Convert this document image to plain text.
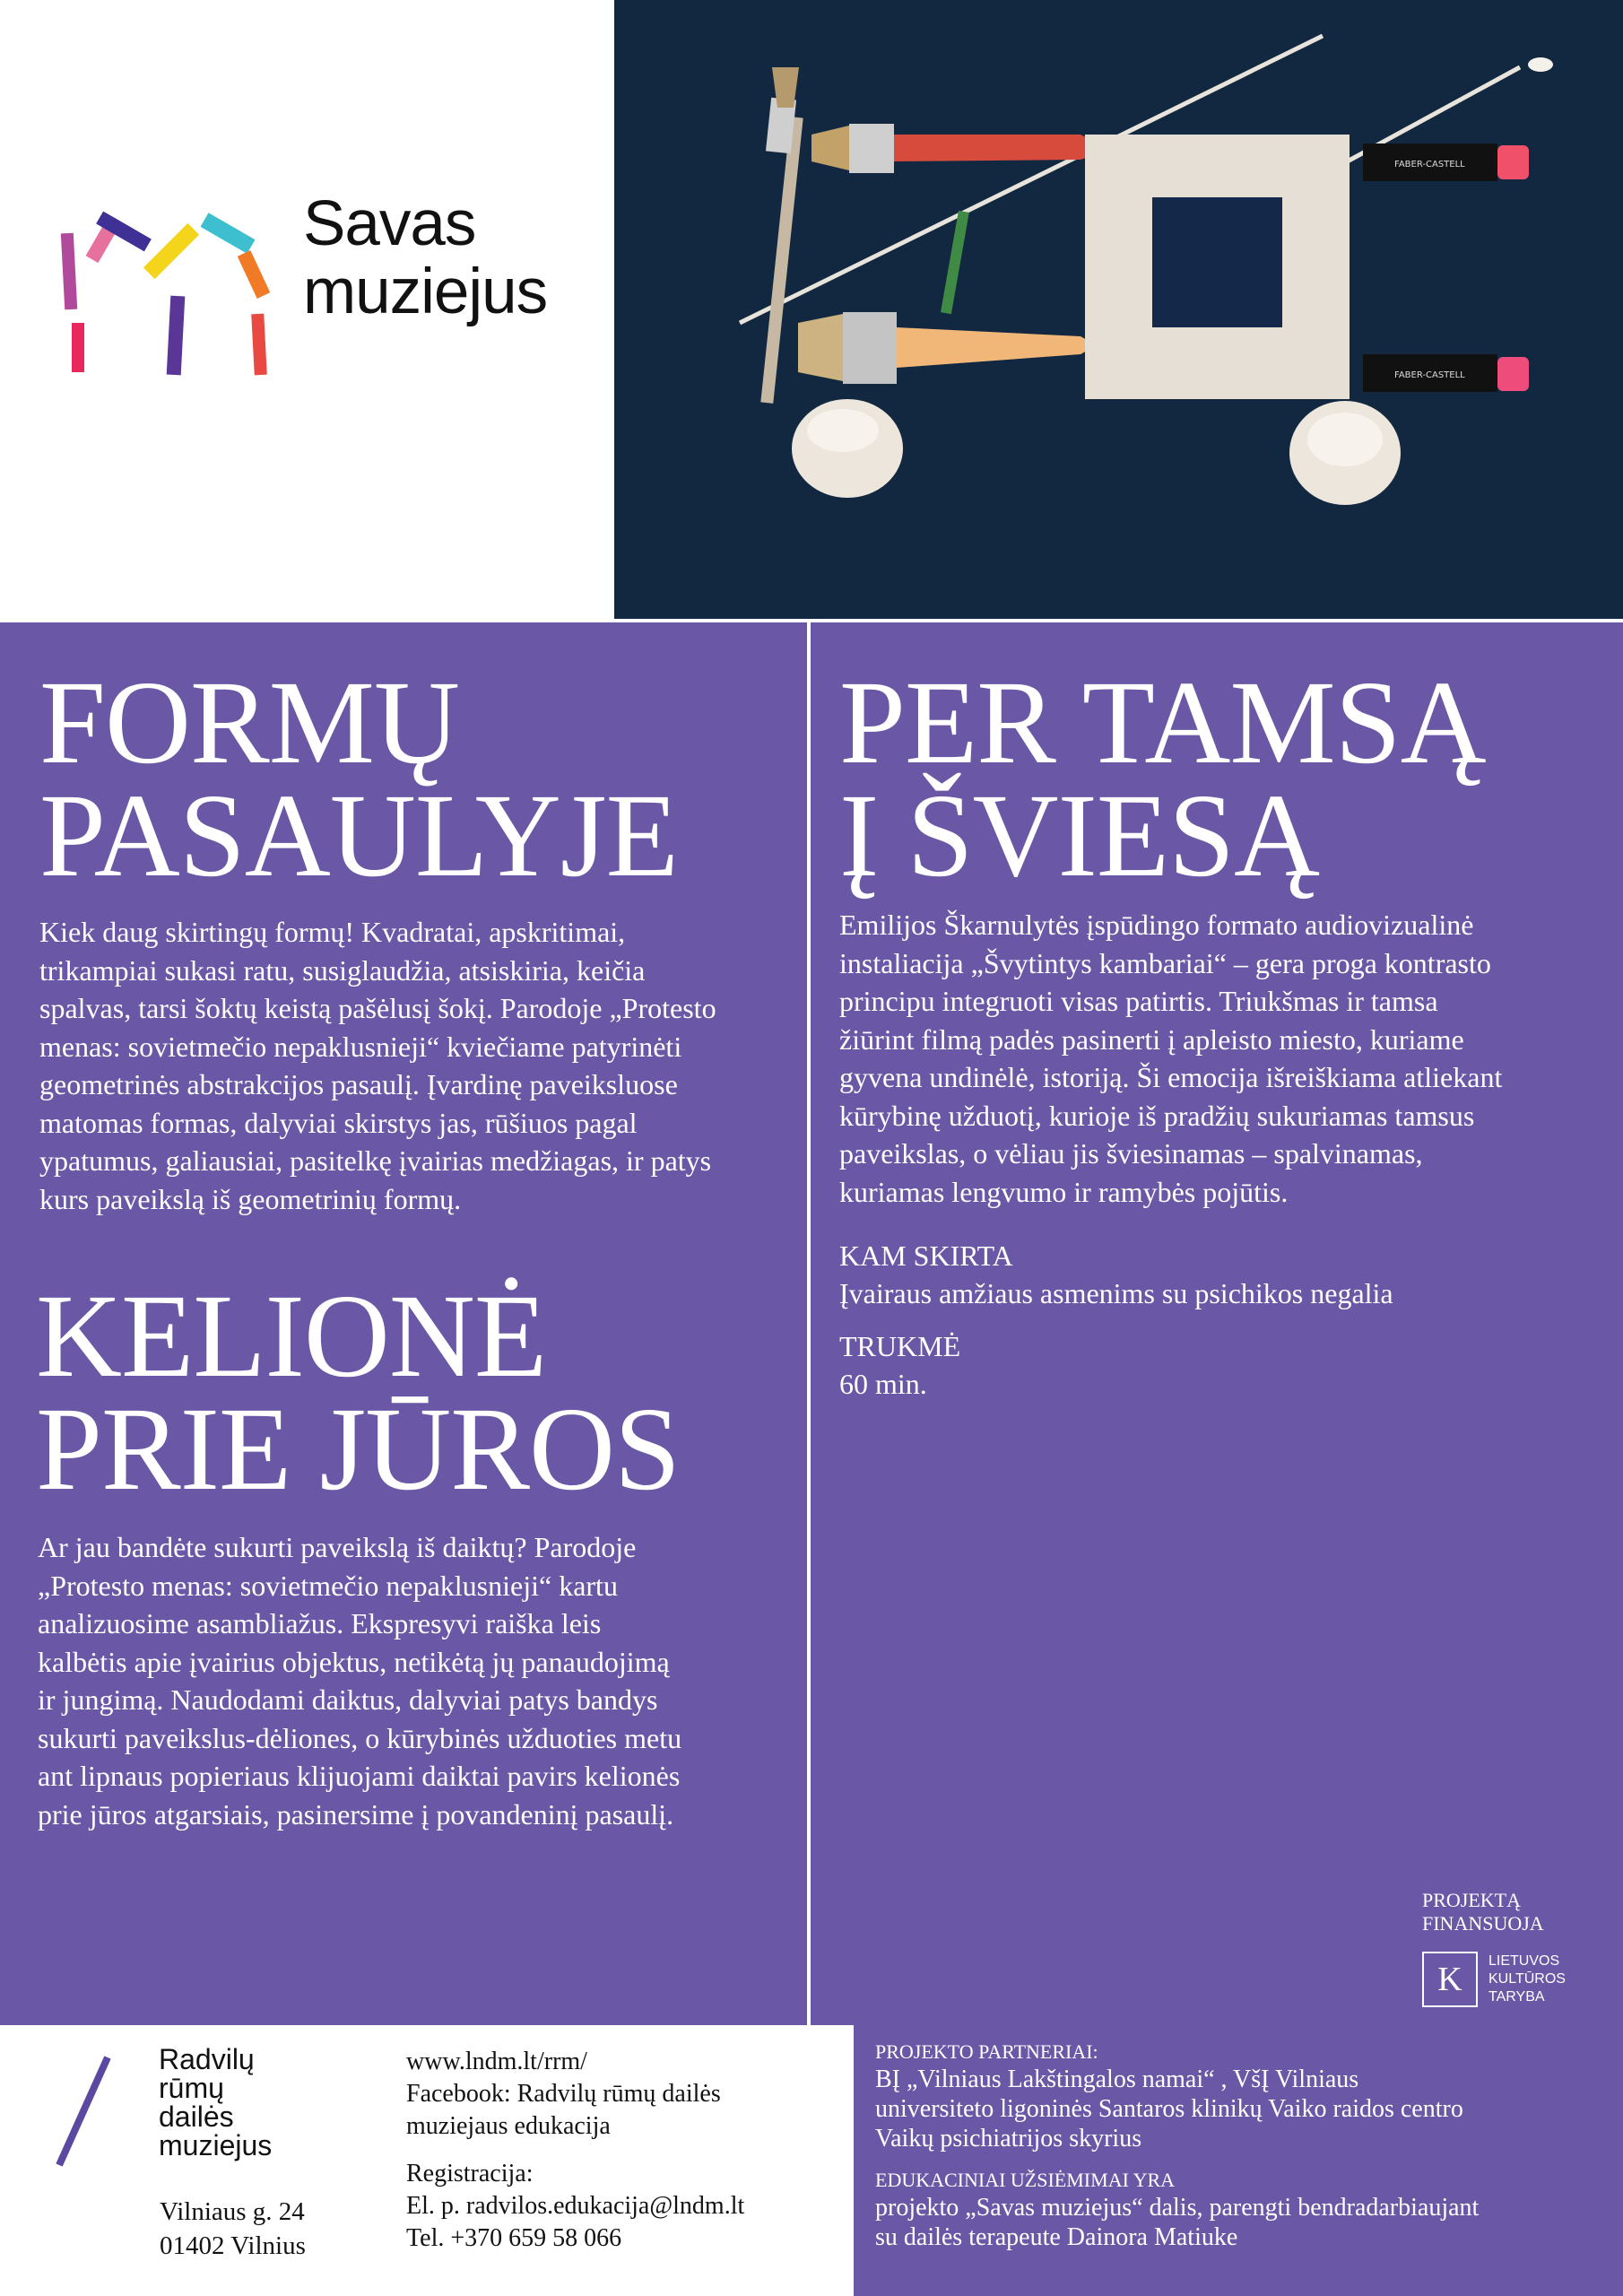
Savas
muziejus
FABER-CASTELL
FABER-CASTELL
FORMŲ
PASAULYJE
Kiek daug skirtingų formų! Kvadratai, apskritimai,
trikampiai sukasi ratu, susiglaudžia, atsiskiria, keičia
spalvas, tarsi šoktų keistą pašėlusį šokį. Parodoje „Protesto
menas: sovietmečio nepaklusnieji“ kviečiame patyrinėti
geometrinės abstrakcijos pasaulį. Įvardinę paveiksluose
matomas formas, dalyviai skirstys jas, rūšiuos pagal
ypatumus, galiausiai, pasitelkę įvairias medžiagas, ir patys
kurs paveikslą iš geometrinių formų.
KELIONĖ
PRIE JŪROS
Ar jau bandėte sukurti paveikslą iš daiktų? Parodoje
„Protesto menas: sovietmečio nepaklusnieji“ kartu
analizuosime asambliažus. Ekspresyvi raiška leis
kalbėtis apie įvairius objektus, netikėtą jų panaudojimą
ir jungimą. Naudodami daiktus, dalyviai patys bandys
sukurti paveikslus-dėliones, o kūrybinės užduoties metu
ant lipnaus popieriaus klijuojami daiktai pavirs kelionės
prie jūros atgarsiais, pasinersime į povandeninį pasaulį.
PER TAMSĄ
Į ŠVIESĄ
Emilijos Škarnulytės įspūdingo formato audiovizualinė
instaliacija „Švytintys kambariai“ – gera proga kontrasto
principu integruoti visas patirtis. Triukšmas ir tamsa
žiūrint filmą padės pasinerti į apleisto miesto, kuriame
gyvena undinėlė, istoriją. Ši emocija išreiškiama atliekant
kūrybinę užduotį, kurioje iš pradžių sukuriamas tamsus
paveikslas, o vėliau jis šviesinamas – spalvinamas,
kuriamas lengvumo ir ramybės pojūtis.
KAM SKIRTA
Įvairaus amžiaus asmenims su psichikos negalia
TRUKMĖ
60 min.
PROJEKTĄ
FINANSUOJA
K LIETUVOS
KULTŪROS
TARYBA
Radvilų
rūmų
dailės
muziejus
Vilniaus g. 24
01402 Vilnius
www.lndm.lt/rrm/
Facebook: Radvilų rūmų dailės
muziejaus edukacija
Registracija:
El. p. radvilos.edukacija@lndm.lt
Tel. +370 659 58 066
PROJEKTO PARTNERIAI:
BĮ „Vilniaus Lakštingalos namai“ , VšĮ Vilniaus
universiteto ligoninės Santaros klinikų Vaiko raidos centro
Vaikų psichiatrijos skyrius
EDUKACINIAI UŽSIĖMIMAI YRA
projekto „Savas muziejus“ dalis, parengti bendradarbiaujant
su dailės terapeute Dainora Matiuke
